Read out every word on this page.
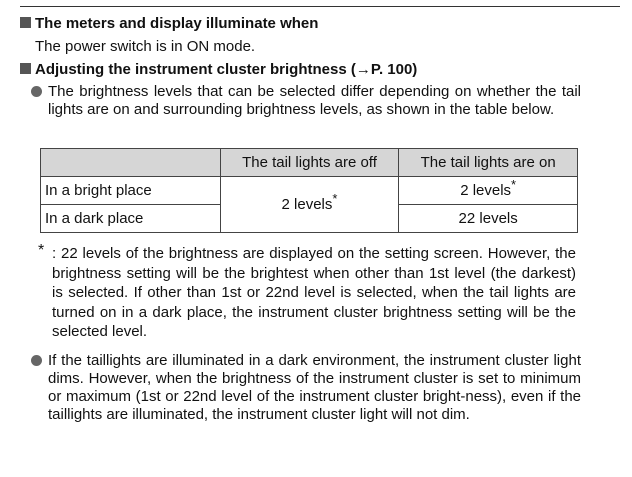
The meters and display illuminate when
The power switch is in ON mode.
Adjusting the instrument cluster brightness (→P. 100)
The brightness levels that can be selected differ depending on whether the tail lights are on and surrounding brightness levels, as shown in the table below.
	The tail lights are off	The tail lights are on
In a bright place	2 levels*	2 levels*
In a dark place		22 levels
* : 22 levels of the brightness are displayed on the setting screen. However, the brightness setting will be the brightest when other than 1st level (the darkest) is selected. If other than 1st or 22nd level is selected, when the tail lights are turned on in a dark place, the instrument cluster brightness setting will be the selected level.
If the taillights are illuminated in a dark environment, the instrument cluster light dims. However, when the brightness of the instrument cluster is set to minimum or maximum (1st or 22nd level of the instrument cluster bright-ness), even if the taillights are illuminated, the instrument cluster light will not dim.
